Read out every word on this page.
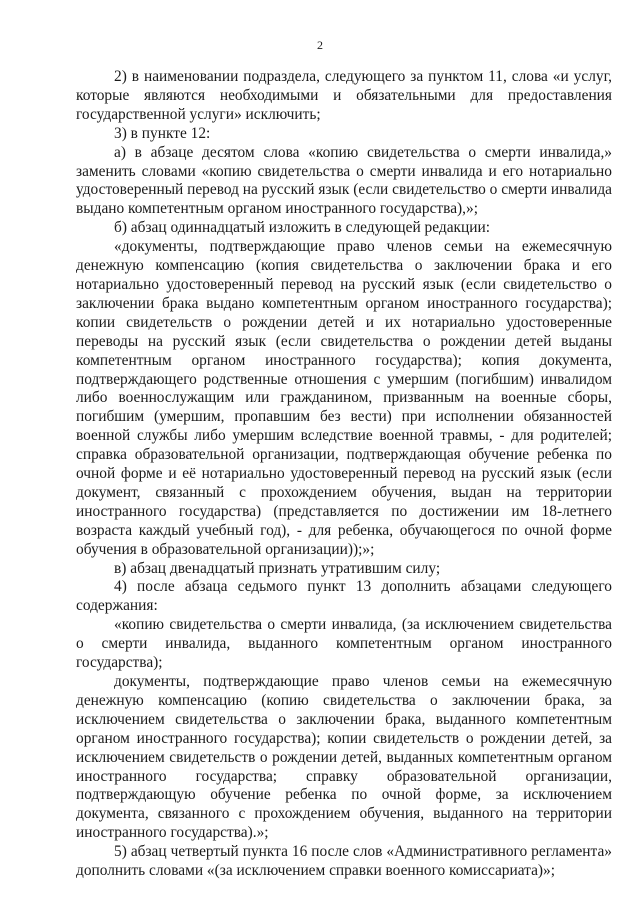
2

2) в наименовании подраздела, следующего за пунктом 11, слова «и услуг, которые являются необходимыми и обязательными для предоставления государственной услуги» исключить;

3) в пункте 12:

а) в абзаце десятом слова «копию свидетельства о смерти инвалида,» заменить словами «копию свидетельства о смерти инвалида и его нотариально удостоверенный перевод на русский язык (если свидетельство о смерти инвалида выдано компетентным органом иностранного государства),»;

б) абзац одиннадцатый изложить в следующей редакции:

«документы, подтверждающие право членов семьи на ежемесячную денежную компенсацию (копия свидетельства о заключении брака и его нотариально удостоверенный перевод на русский язык (если свидетельство о заключении брака выдано компетентным органом иностранного государства); копии свидетельств о рождении детей и их нотариально удостоверенные переводы на русский язык (если свидетельства о рождении детей выданы компетентным органом иностранного государства); копия документа, подтверждающего родственные отношения с умершим (погибшим) инвалидом либо военнослужащим или гражданином, призванным на военные сборы, погибшим (умершим, пропавшим без вести) при исполнении обязанностей военной службы либо умершим вследствие военной травмы, - для родителей; справка образовательной организации, подтверждающая обучение ребенка по очной форме и её нотариально удостоверенный перевод на русский язык (если документ, связанный с прохождением обучения, выдан на территории иностранного государства) (представляется по достижении им 18-летнего возраста каждый учебный год), - для ребенка, обучающегося по очной форме обучения в образовательной организации));»;

в) абзац двенадцатый признать утратившим силу;

4) после абзаца седьмого пункт 13 дополнить абзацами следующего содержания:

«копию свидетельства о смерти инвалида, (за исключением свидетельства о смерти инвалида, выданного компетентным органом иностранного государства);

документы, подтверждающие право членов семьи на ежемесячную денежную компенсацию (копию свидетельства о заключении брака, за исключением свидетельства о заключении брака, выданного компетентным органом иностранного государства); копии свидетельств о рождении детей, за исключением свидетельств о рождении детей, выданных компетентным органом иностранного государства; справку образовательной организации, подтверждающую обучение ребенка по очной форме, за исключением документа, связанного с прохождением обучения, выданного на территории иностранного государства).»;

5) абзац четвертый пункта 16 после слов «Административного регламента» дополнить словами «(за исключением справки военного комиссариата)»;
